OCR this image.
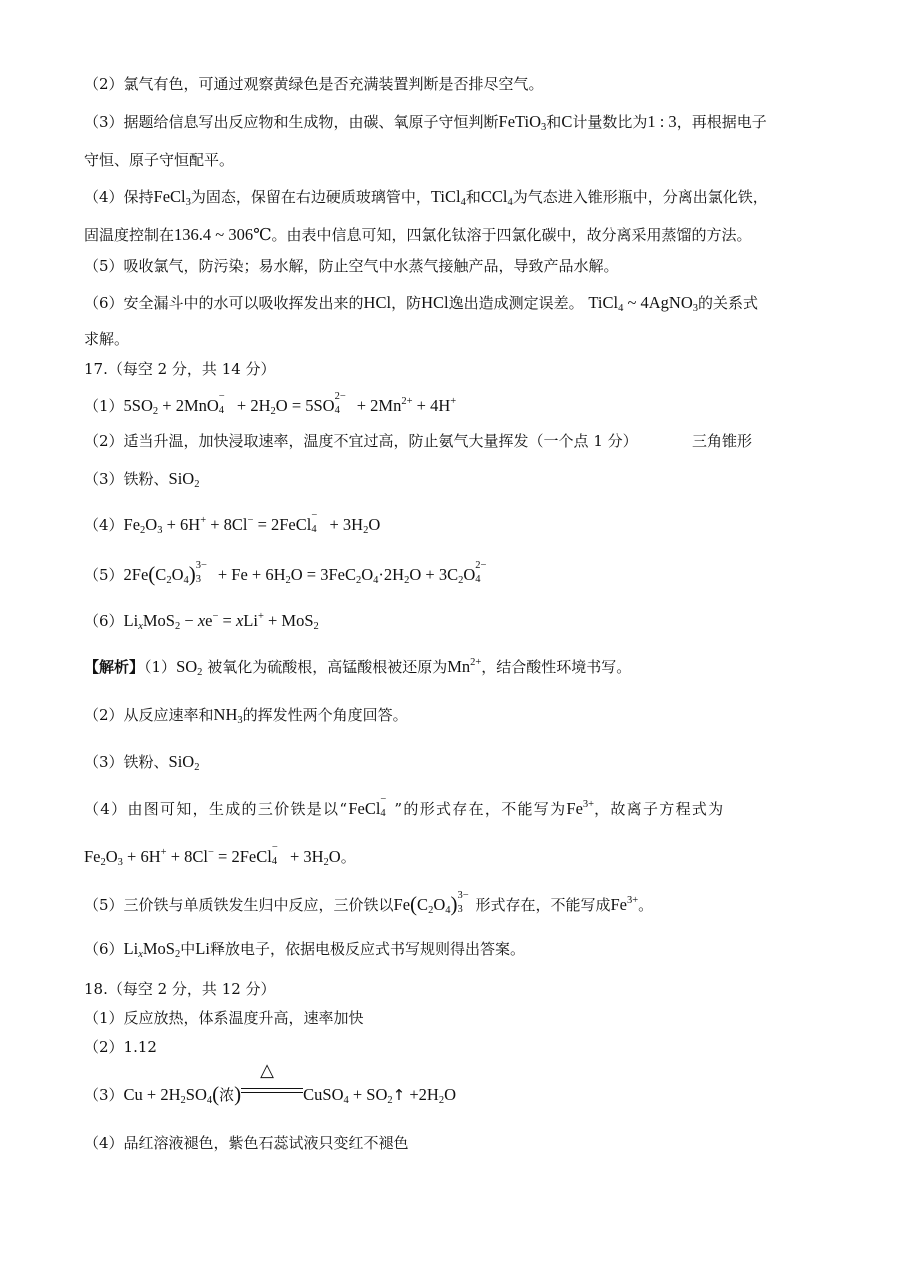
（2）氯气有色，可通过观察黄绿色是否充满装置判断是否排尽空气。
（3）据题给信息写出反应物和生成物，由碳、氧原子守恒判断FeTiO$_3$和C计量数比为1 : 3，再根据电子
守恒、原子守恒配平。
（4）保持FeCl$_3$为固态，保留在右边硬质玻璃管中，TiCl$_4$和CCl$_4$为气态进入锥形瓶中，分离出氯化铁，
固温度控制在136.4 ~ 306℃。由表中信息可知，四氯化钛溶于四氯化碳中，故分离采用蒸馏的方法。
（5）吸收氯气，防污染；易水解，防止空气中水蒸气接触产品，导致产品水解。
（6）安全漏斗中的水可以吸收挥发出来的HCl，防HCl逸出造成测定误差。 TiCl$_4$ ~ 4AgNO$_3$的关系式
求解。
17.（每空 2 分，共 14 分）
$(1)5SO_2 + 2MnO$ −
$4 + 2H_2O = 5SO$ 2−
$4 + 2Mn^{2+} + 4H^+$
（2）适当升温，加快浸取速率，温度不宜过高，防止氨气大量挥发（一个点 1 分）	三角锥形
（3）铁粉、SiO$_2$
$(4)Fe_2O_3 + 6H^+ + 8Cl^-$ = 2FeCl −
$4 + 3H_2O$
$(5)2Fe(C_2O_4)$ 3−
$3 + Fe + 6H_2O = 3FeC_2O_4\cdot 2H_2O + 3C_2O$ 2−
4
$(6)Li_xMoS_2 - xe^- = xLi^+ + MoS_2$
【解析】$(1)SO_2$ 被氧化为硫酸根，高锰酸根被还原为$Mn^{2+}$，结合酸性环境书写。
（2）从反应速率和$NH_3$的挥发性两个角度回答。
（3）铁粉、SiO$_2$
（4）由图可知，生成的三价铁是以“FeCl −
4 ”的形式存在，不能写为$Fe^{3+}$，故离子方程式为
$Fe_2O_3 + 6H^+ + 8Cl^-$ = 2FeCl −
$4 + 3H_2O$。
（5）三价铁与单质铁发生归中反应，三价铁以$Fe(C_2O_4)$ 3−
3 形式存在，不能写成$Fe^{3+}$。
$(6)Li_xMoS_2$中Li释放电子，依据电极反应式书写规则得出答案。
18.（每空 2 分，共 12 分）
（1）反应放热，体系温度升高，速率加快
（2）1.12
$(3)Cu + 2H_2SO_4$(浓)
△
CuSO$_4$ + $SO_2↑ +2H_2O$
（4）品红溶液褪色，紫色石蕊试液只变红不褪色
